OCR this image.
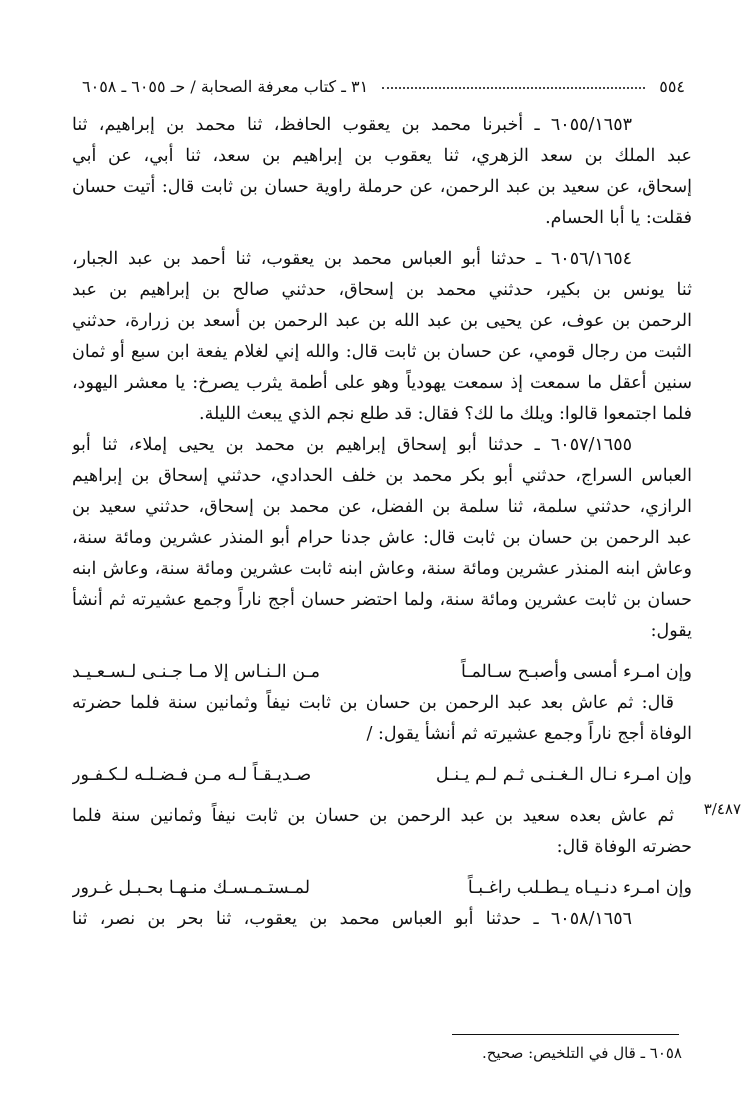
٥٥٤
٣١ ـ كتاب معرفة الصحابة / حـ ٦٠٥٥ ـ ٦٠٥٨
٦٠٥٥/١٦٥٣ ـ أخبرنا محمد بن يعقوب الحافظ، ثنا محمد بن إبراهيم، ثنا
عبد الملك بن سعد الزهري، ثنا يعقوب بن إبراهيم بن سعد، ثنا أبي، عن أبي
إسحاق، عن سعيد بن عبد الرحمن، عن حرملة راوية حسان بن ثابت قال: أتيت حسان
فقلت: يا أبا الحسام.
٦٠٥٦/١٦٥٤ ـ حدثنا أبو العباس محمد بن يعقوب، ثنا أحمد بن عبد الجبار،
ثنا يونس بن بكير، حدثني محمد بن إسحاق، حدثني صالح بن إبراهيم بن عبد
الرحمن بن عوف، عن يحيى بن عبد الله بن عبد الرحمن بن أسعد بن زرارة، حدثني
الثبت من رجال قومي، عن حسان بن ثابت قال: والله إني لغلام يفعة ابن سبع أو ثمان
سنين أعقل ما سمعت إذ سمعت يهودياً وهو على أطمة يثرب يصرخ: يا معشر اليهود،
فلما اجتمعوا قالوا: ويلك ما لك؟ فقال: قد طلع نجم الذي يبعث الليلة.
٦٠٥٧/١٦٥٥ ـ حدثنا أبو إسحاق إبراهيم بن محمد بن يحيى إملاء، ثنا أبو
العباس السراج، حدثني أبو بكر محمد بن خلف الحدادي، حدثني إسحاق بن إبراهيم
الرازي، حدثني سلمة، ثنا سلمة بن الفضل، عن محمد بن إسحاق، حدثني سعيد بن
عبد الرحمن بن حسان بن ثابت قال: عاش جدنا حرام أبو المنذر عشرين ومائة سنة،
وعاش ابنه المنذر عشرين ومائة سنة، وعاش ابنه ثابت عشرين ومائة سنة، وعاش ابنه
حسان بن ثابت عشرين ومائة سنة، ولما احتضر حسان أجج ناراً وجمع عشيرته ثم أنشأ
يقول:
وإن امـرء أمسى وأصبـح سـالمـاً
مـن الـنـاس إلا مـا جـنـى لـسـعـيـد
قال: ثم عاش بعد عبد الرحمن بن حسان بن ثابت نيفاً وثمانين سنة فلما حضرته
الوفاة أجج ناراً وجمع عشيرته ثم أنشأ يقول: /
وإن امـرء نـال الـغـنـى ثـم لـم يـنـل
صـديـقـاً لـه مـن فـضـلـه لـكـفـور
ثم عاش بعده سعيد بن عبد الرحمن بن حسان بن ثابت نيفاً وثمانين سنة فلما
حضرته الوفاة قال:
وإن امـرء دنـيـاه يـطـلب راغـبـاً
لمـستـمـسـك منـهـا بحـبـل غـرور
٦٠٥٨/١٦٥٦ ـ حدثنا أبو العباس محمد بن يعقوب، ثنا بحر بن نصر، ثنا
٣/٤٨٧
٦٠٥٨ ـ قال في التلخيص: صحيح.
